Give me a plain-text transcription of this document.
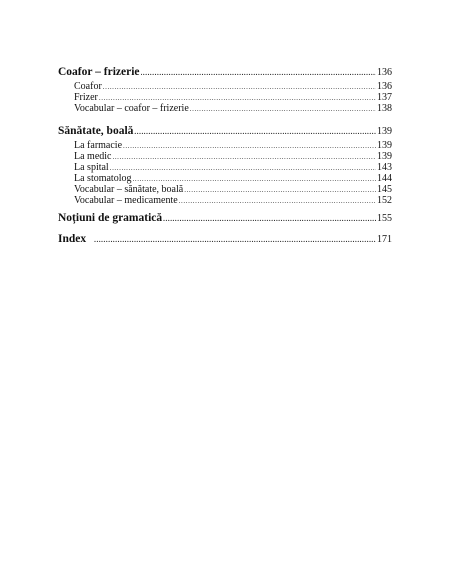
Coafor – frizerie .....	136
Coafor .....	136
Frizer .....	137
Vocabular – coafor – frizerie .....	138
Sănătate, boală .....	139
La farmacie .....	139
La medic .....	139
La spital .....	143
La stomatolog .....	144
Vocabular – sănătate, boală .....	145
Vocabular – medicamente .....	152
Noțiuni de gramatică .....	155
Index .....	171
